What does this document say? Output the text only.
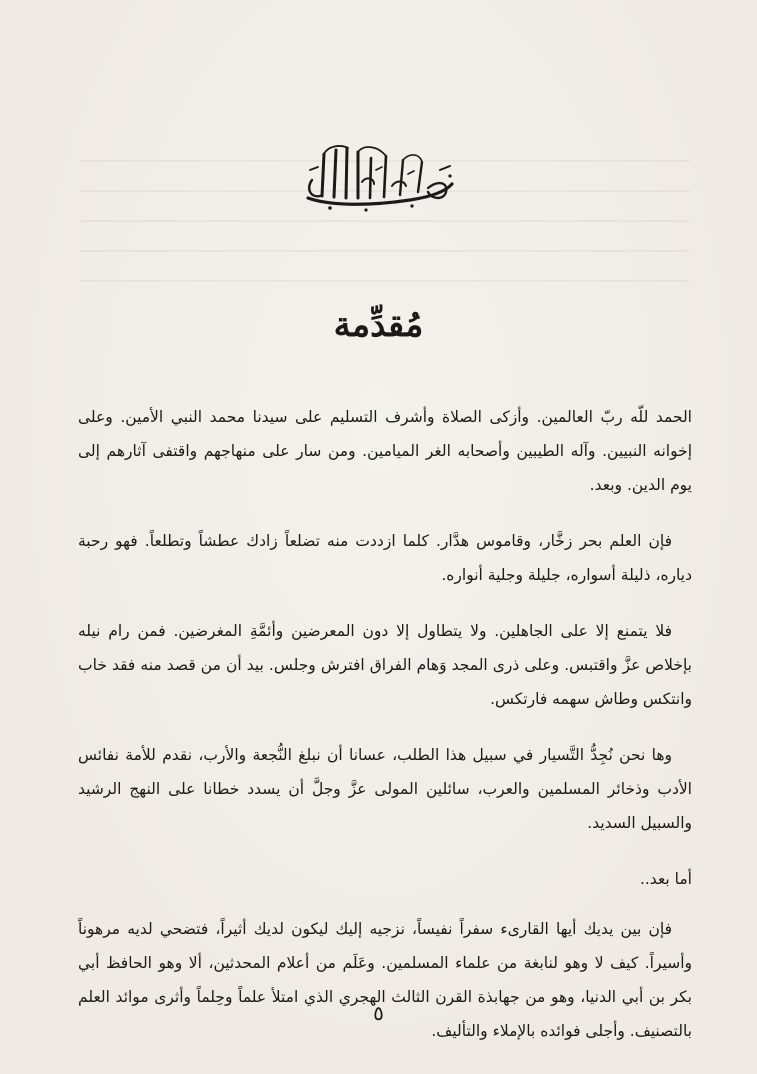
مُقدِّمة

الحمد للّه ربّ العالمين. وأزكى الصلاة وأشرف التسليم على سيدنا محمد النبي الأمين. وعلى إخوانه النبيين. وآله الطيبين وأصحابه الغر الميامين. ومن سار على منهاجهم واقتفى آثارهم إلى يوم الدين. وبعد.

فإن العلم بحر زخَّار، وقاموس هدَّار. كلما ازددت منه تضلعاً زادك عطشاً وتطلعاً. فهو رحبة دياره، ذليلة أسواره، جليلة وجلية أنواره.

فلا يتمنع إلا على الجاهلين. ولا يتطاول إلا دون المعرضين وأئمَّةِ المغرضين. فمن رام نيله بإخلاص عزَّ واقتبس. وعلى ذرى المجد وَهام الفراق افترش وجلس. بيد أن من قصد منه فقد خاب وانتكس وطاش سهمه فارتكس.

وها نحن نُجِدُّ التَّسيار في سبيل هذا الطلب، عسانا أن نبلغ النُّجعة والأرب، نقدم للأمة نفائس الأدب وذخائر المسلمين والعرب، سائلين المولى عزَّ وجلَّ أن يسدد خطانا على النهج الرشيد والسبيل السديد.

أما بعد..

فإن بين يديك أيها القارىء سفراً نفيساً، نزجيه إليك ليكون لديك أثيراً، فتضحي لديه مرهوناً وأسيراً. كيف لا وهو لنابغة من علماء المسلمين. وعَلَم من أعلام المحدثين، ألا وهو الحافظ أبي بكر بن أبي الدنيا، وهو من جهابذة القرن الثالث الهجري الذي امتلأ علماً وحِلماً وأثرى موائد العلم بالتصنيف. وأجلى فوائده بالإملاء والتأليف.

٥
